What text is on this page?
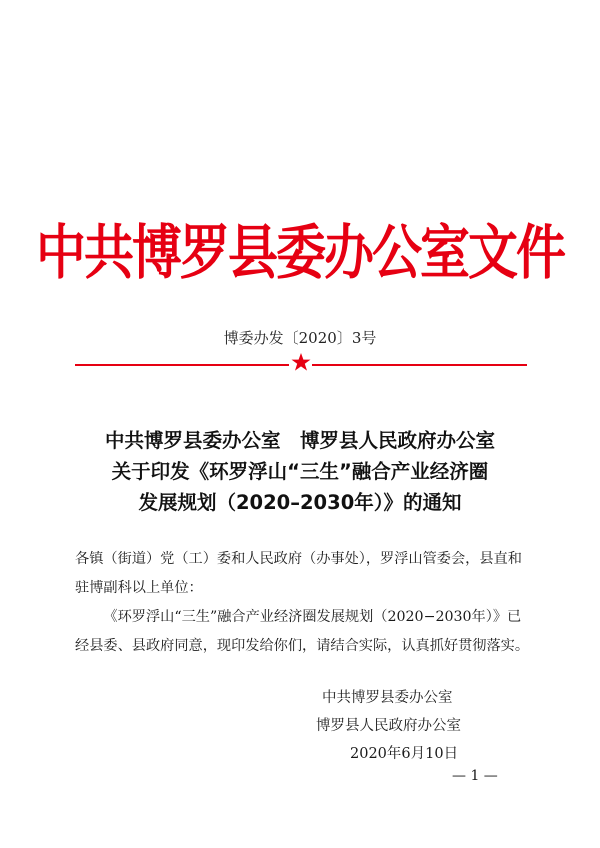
中共博罗县委办公室文件
博委办发〔2020〕3号
中共博罗县委办公室　博罗县人民政府办公室
关于印发《环罗浮山“三生”融合产业经济圈
发展规划（2020–2030年）》的通知

各镇（街道）党（工）委和人民政府（办事处），罗浮山管委会，县直和驻博副科以上单位：

《环罗浮山“三生”融合产业经济圈发展规划（2020−2030年）》已经县委、县政府同意，现印发给你们，请结合实际，认真抓好贯彻落实。

中共博罗县委办公室
博罗县人民政府办公室
2020年6月10日
— 1 —
